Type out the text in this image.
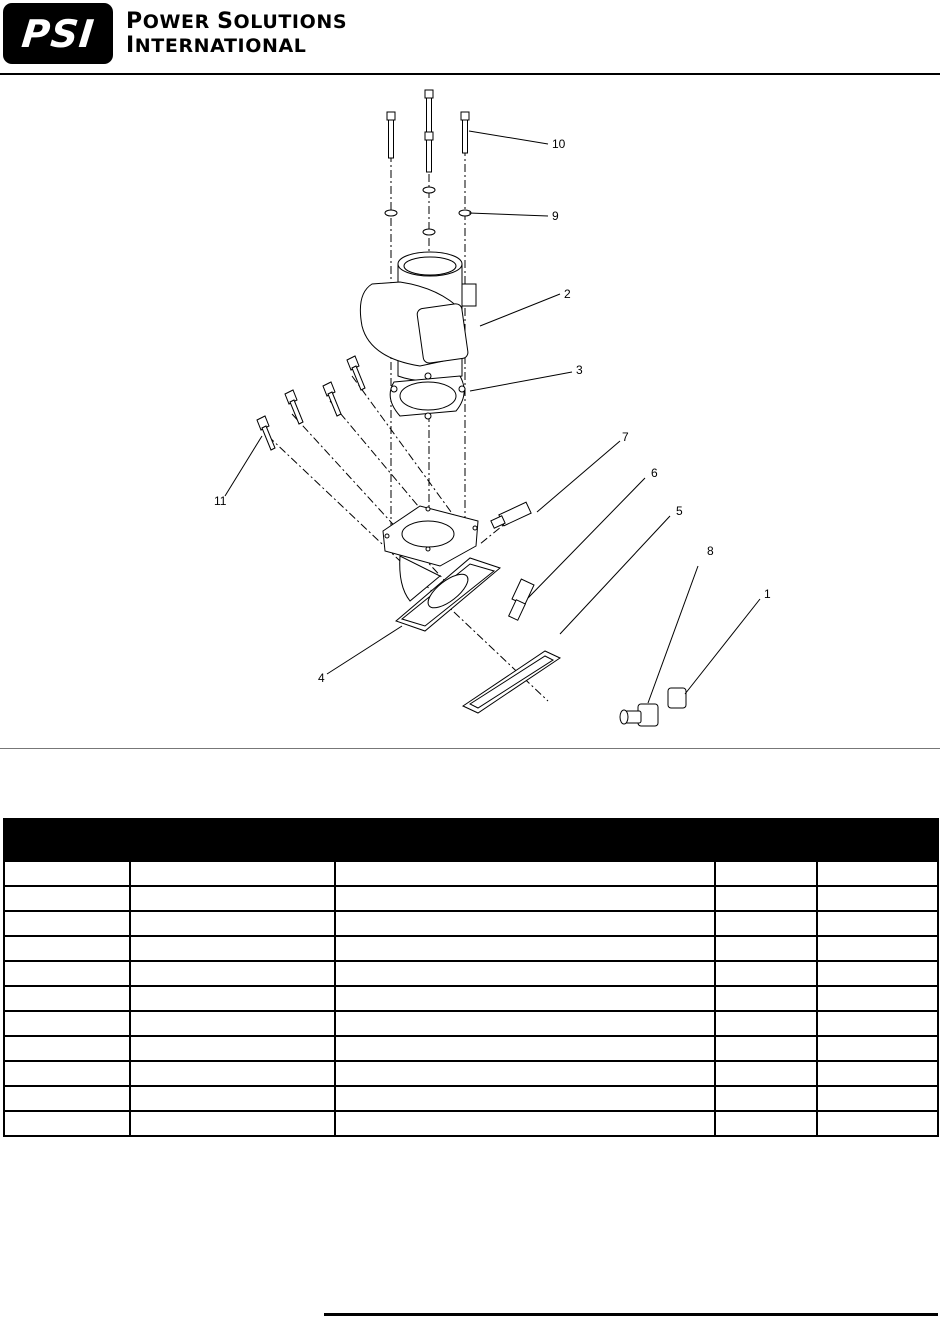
PSI POWER SOLUTIONS
INTERNATIONAL
10
9
2
3
7
11
6
5
8
1
4
